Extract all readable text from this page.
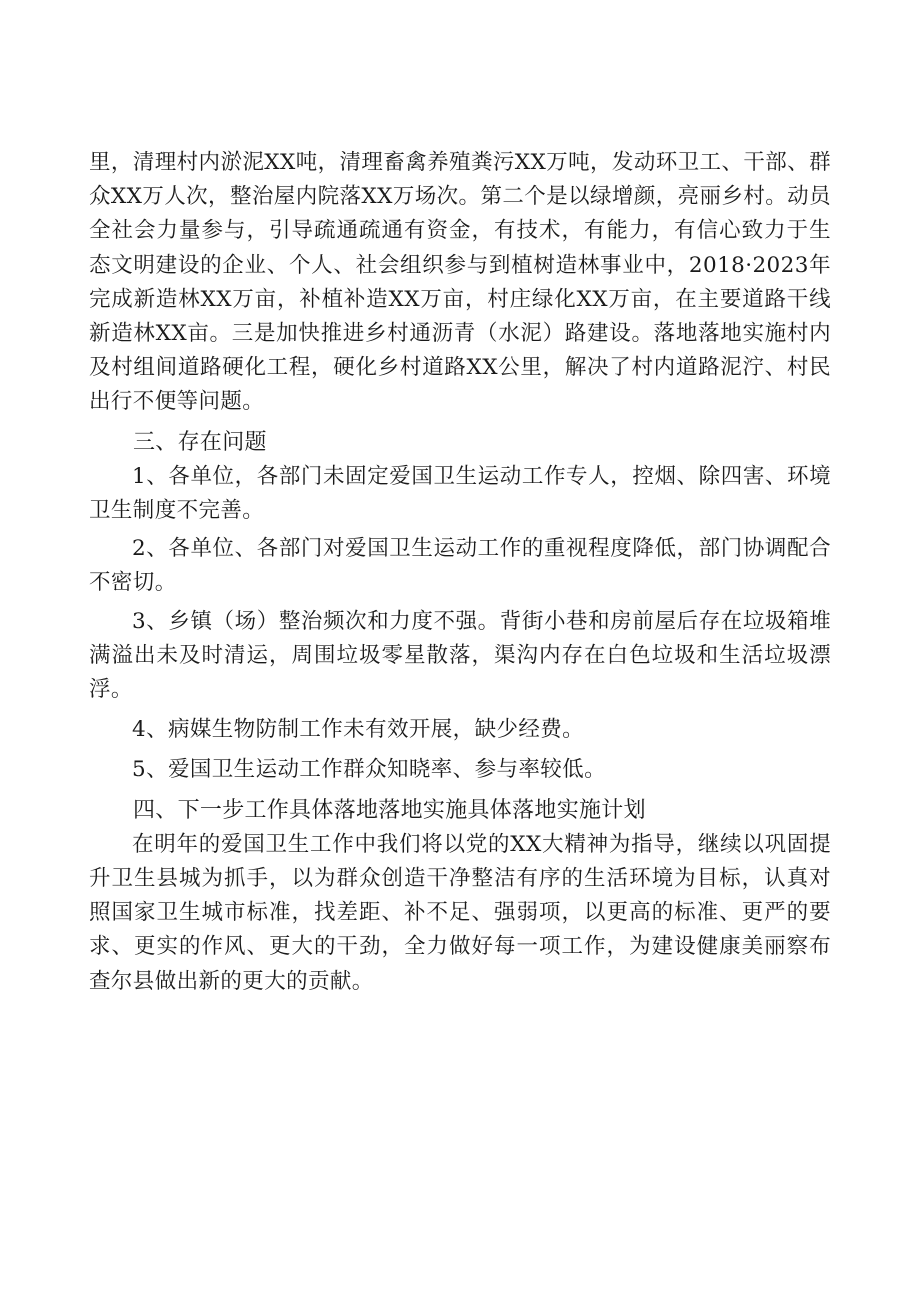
里，清理村内淤泥XX吨，清理畜禽养殖粪污XX万吨，发动环卫工、干部、群众XX万人次，整治屋内院落XX万场次。第二个是以绿增颜，亮丽乡村。动员全社会力量参与，引导疏通疏通有资金，有技术，有能力，有信心致力于生态文明建设的企业、个人、社会组织参与到植树造林事业中，2018·2023年完成新造林XX万亩，补植补造XX万亩，村庄绿化XX万亩，在主要道路干线新造林XX亩。三是加快推进乡村通沥青（水泥）路建设。落地落地实施村内及村组间道路硬化工程，硬化乡村道路XX公里，解决了村内道路泥泞、村民出行不便等问题。

三、存在问题

1、各单位，各部门未固定爱国卫生运动工作专人，控烟、除四害、环境卫生制度不完善。

2、各单位、各部门对爱国卫生运动工作的重视程度降低，部门协调配合不密切。

3、乡镇（场）整治频次和力度不强。背街小巷和房前屋后存在垃圾箱堆满溢出未及时清运，周围垃圾零星散落，渠沟内存在白色垃圾和生活垃圾漂浮。

4、病媒生物防制工作未有效开展，缺少经费。

5、爱国卫生运动工作群众知晓率、参与率较低。

四、下一步工作具体落地落地实施具体落地实施计划

在明年的爱国卫生工作中我们将以党的XX大精神为指导，继续以巩固提升卫生县城为抓手，以为群众创造干净整洁有序的生活环境为目标，认真对照国家卫生城市标准，找差距、补不足、强弱项，以更高的标准、更严的要求、更实的作风、更大的干劲，全力做好每一项工作，为建设健康美丽察布查尔县做出新的更大的贡献。
